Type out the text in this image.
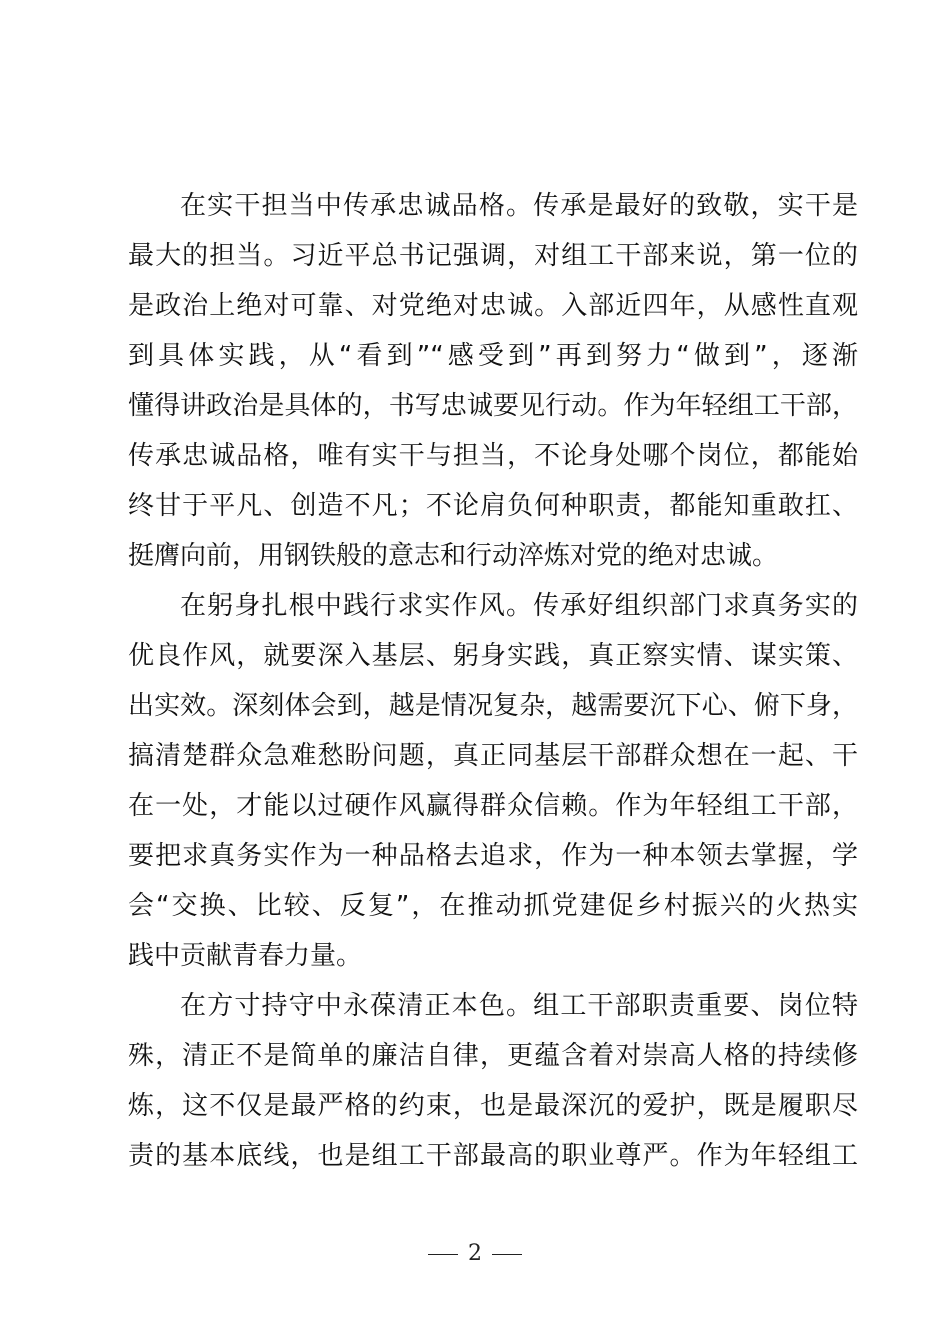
在实干担当中传承忠诚品格。传承是最好的致敬，实干是
最大的担当。习近平总书记强调，对组工干部来说，第一位的
是政治上绝对可靠、对党绝对忠诚。入部近四年，从感性直观
到具体实践，从“看到”“感受到”再到努力“做到”，逐渐
懂得讲政治是具体的，书写忠诚要见行动。作为年轻组工干部，
传承忠诚品格，唯有实干与担当，不论身处哪个岗位，都能始
终甘于平凡、创造不凡；不论肩负何种职责，都能知重敢扛、
挺膺向前，用钢铁般的意志和行动淬炼对党的绝对忠诚。
在躬身扎根中践行求实作风。传承好组织部门求真务实的
优良作风，就要深入基层、躬身实践，真正察实情、谋实策、
出实效。深刻体会到，越是情况复杂，越需要沉下心、俯下身，
搞清楚群众急难愁盼问题，真正同基层干部群众想在一起、干
在一处，才能以过硬作风赢得群众信赖。作为年轻组工干部，
要把求真务实作为一种品格去追求，作为一种本领去掌握，学
会“交换、比较、反复”，在推动抓党建促乡村振兴的火热实
践中贡献青春力量。
在方寸持守中永葆清正本色。组工干部职责重要、岗位特
殊，清正不是简单的廉洁自律，更蕴含着对崇高人格的持续修
炼，这不仅是最严格的约束，也是最深沉的爱护，既是履职尽
责的基本底线，也是组工干部最高的职业尊严。作为年轻组工
2
